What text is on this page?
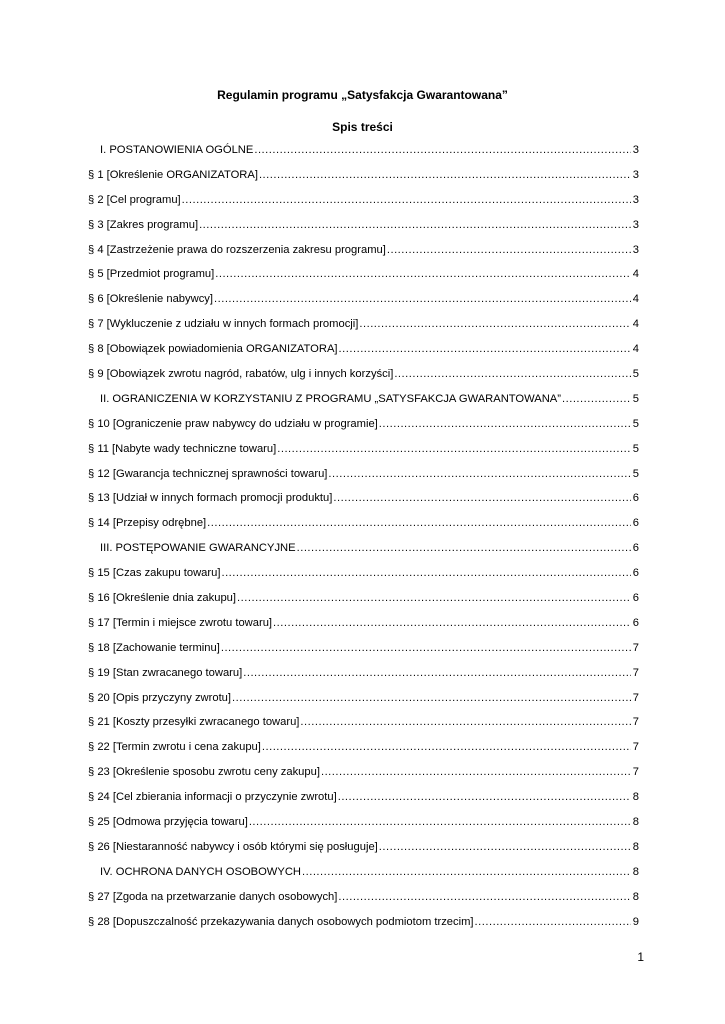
Regulamin programu „Satysfakcja Gwarantowana”
Spis treści
I. POSTANOWIENIA OGÓLNE .....	3
§ 1 [Określenie ORGANIZATORA] .....	3
§ 2 [Cel programu] .....	3
§ 3 [Zakres programu] .....	3
§ 4 [Zastrzeżenie prawa do rozszerzenia zakresu programu] .....	3
§ 5 [Przedmiot programu] .....	4
§ 6 [Określenie nabywcy] .....	4
§ 7 [Wykluczenie z udziału w innych formach promocji] .....	4
§ 8 [Obowiązek powiadomienia ORGANIZATORA] .....	4
§ 9 [Obowiązek zwrotu nagród, rabatów, ulg i innych korzyści] .....	5
II. OGRANICZENIA W KORZYSTANIU Z PROGRAMU „SATYSFAKCJA GWARANTOWANA” .....	5
§ 10 [Ograniczenie praw nabywcy do udziału w programie] .....	5
§ 11 [Nabyte wady techniczne towaru] .....	5
§ 12 [Gwarancja technicznej sprawności towaru] .....	5
§ 13 [Udział w innych formach promocji produktu] .....	6
§ 14 [Przepisy odrębne] .....	6
III. POSTĘPOWANIE GWARANCYJNE .....	6
§ 15 [Czas zakupu towaru] .....	6
§ 16 [Określenie dnia zakupu] .....	6
§ 17 [Termin i miejsce zwrotu towaru] .....	6
§ 18 [Zachowanie terminu] .....	7
§ 19 [Stan zwracanego towaru] .....	7
§ 20 [Opis przyczyny zwrotu] .....	7
§ 21 [Koszty przesyłki zwracanego towaru] .....	7
§ 22 [Termin zwrotu i cena zakupu] .....	7
§ 23 [Określenie sposobu zwrotu ceny zakupu] .....	7
§ 24 [Cel zbierania informacji o przyczynie zwrotu] .....	8
§ 25 [Odmowa przyjęcia towaru] .....	8
§ 26 [Niestaranność nabywcy i osób którymi się posługuje] .....	8
IV. OCHRONA DANYCH OSOBOWYCH .....	8
§ 27 [Zgoda na przetwarzanie danych osobowych] .....	8
§ 28 [Dopuszczalność przekazywania danych osobowych podmiotom trzecim] .....	9
1
